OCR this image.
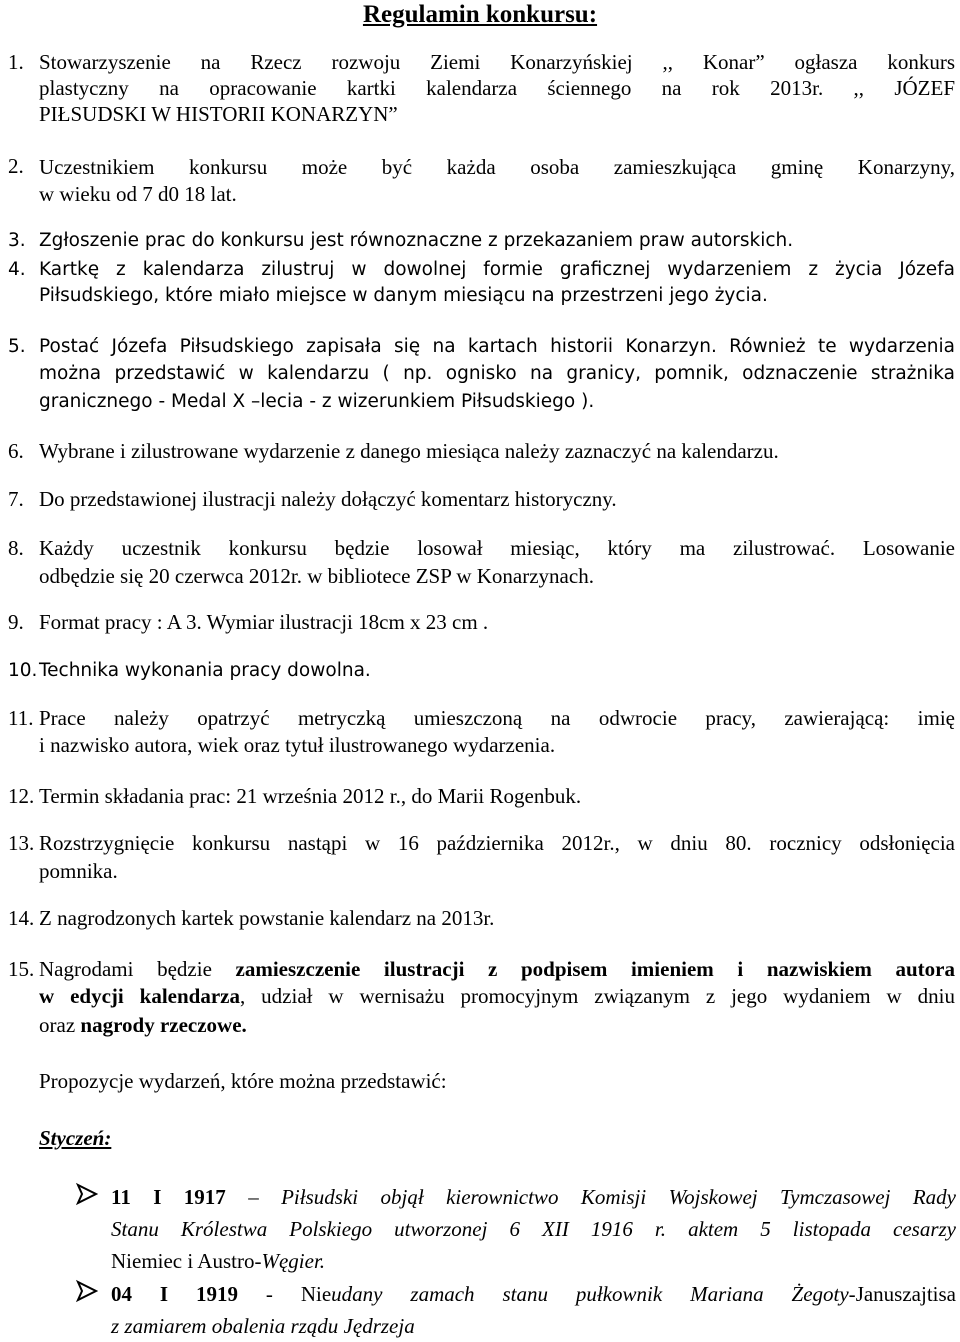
Regulamin konkursu:
1. Stowarzyszenie na Rzecz rozwoju Ziemi Konarzyńskiej ,, Konar” ogłasza konkurs
plastyczny na opracowanie kartki kalendarza ściennego na rok 2013r. ,, JÓZEF
PIŁSUDSKI W HISTORII KONARZYN”
2. Uczestnikiem konkursu może być każda osoba zamieszkująca gminę Konarzyny,
w wieku od 7 d0 18 lat.
3. Zgłoszenie prac do konkursu jest równoznaczne z przekazaniem praw autorskich.
4. Kartkę z kalendarza zilustruj w dowolnej formie graficznej wydarzeniem z życia Józefa
Piłsudskiego, które miało miejsce w danym miesiącu na przestrzeni jego życia.
5. Postać Józefa Piłsudskiego zapisała się na kartach historii Konarzyn. Również te wydarzenia
można przedstawić w kalendarzu ( np. ognisko na granicy, pomnik, odznaczenie strażnika
granicznego - Medal X –lecia - z wizerunkiem Piłsudskiego ).
6. Wybrane i zilustrowane wydarzenie z danego miesiąca należy zaznaczyć na kalendarzu.
7. Do przedstawionej ilustracji należy dołączyć komentarz historyczny.
8. Każdy uczestnik konkursu będzie losował miesiąc, który ma zilustrować. Losowanie
odbędzie się 20 czerwca 2012r. w bibliotece ZSP w Konarzynach.
9. Format pracy : A 3. Wymiar ilustracji 18cm x 23 cm .
10. Technika wykonania pracy dowolna.
11. Prace należy opatrzyć metryczką umieszczoną na odwrocie pracy, zawierającą: imię
i nazwisko autora, wiek oraz tytuł ilustrowanego wydarzenia.
12. Termin składania prac: 21 września 2012 r., do Marii Rogenbuk.
13. Rozstrzygnięcie konkursu nastąpi w 16 października 2012r., w dniu 80. rocznicy odsłonięcia
pomnika.
14. Z nagrodzonych kartek powstanie kalendarz na 2013r.
15. Nagrodami będzie zamieszczenie ilustracji z podpisem imieniem i nazwiskiem autora
w edycji kalendarza, udział w wernisażu promocyjnym związanym z jego wydaniem w dniu
oraz nagrody rzeczowe.
Propozycje wydarzeń, które można przedstawić:
Styczeń:
11 I 1917 – Piłsudski objął kierownictwo Komisji Wojskowej Tymczasowej Rady
Stanu Królestwa Polskiego utworzonej 6 XII 1916 r. aktem 5 listopada cesarzy
Niemiec i Austro-Węgier.
04 I 1919 - Nieudany zamach stanu pułkownik Mariana Żegoty-Januszajtisa
z zamiarem obalenia rządu Jędrzeja
